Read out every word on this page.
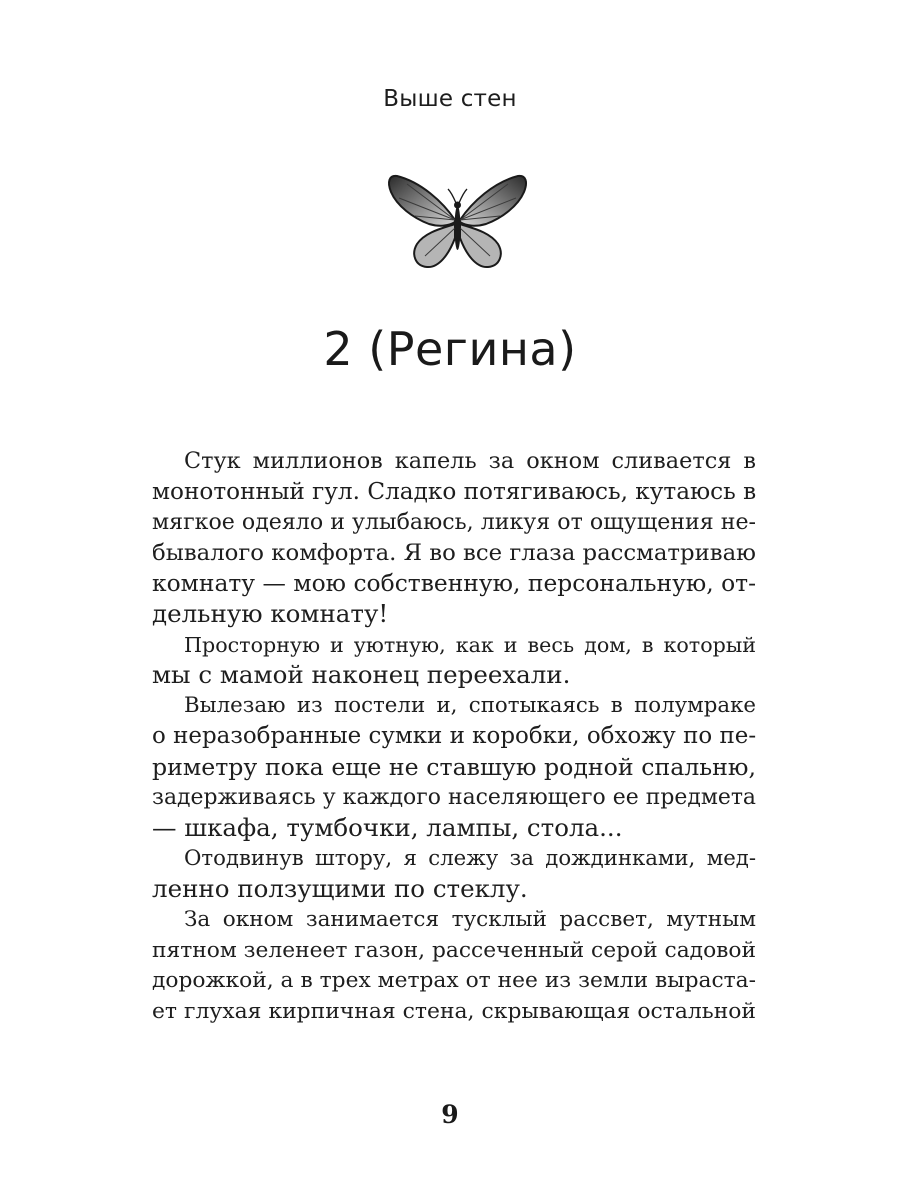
Выше стен
2 (Регина)
Стук миллионов капель за окном сливается в
монотонный гул. Сладко потягиваюсь, кутаюсь в
мягкое одеяло и улыбаюсь, ликуя от ощущения не-
бывалого комфорта. Я во все глаза рассматриваю
комнату — мою собственную, персональную, от-
дельную комнату!
Просторную и уютную, как и весь дом, в который
мы с мамой наконец переехали.
Вылезаю из постели и, спотыкаясь в полумраке
о неразобранные сумки и коробки, обхожу по пе-
риметру пока еще не ставшую родной спальню,
задерживаясь у каждого населяющего ее предмета
— шкафа, тумбочки, лампы, стола...
Отодвинув штору, я слежу за дождинками, мед-
ленно ползущими по стеклу.
За окном занимается тусклый рассвет, мутным
пятном зеленеет газон, рассеченный серой садовой
дорожкой, а в трех метрах от нее из земли выраста-
ет глухая кирпичная стена, скрывающая остальной
9
